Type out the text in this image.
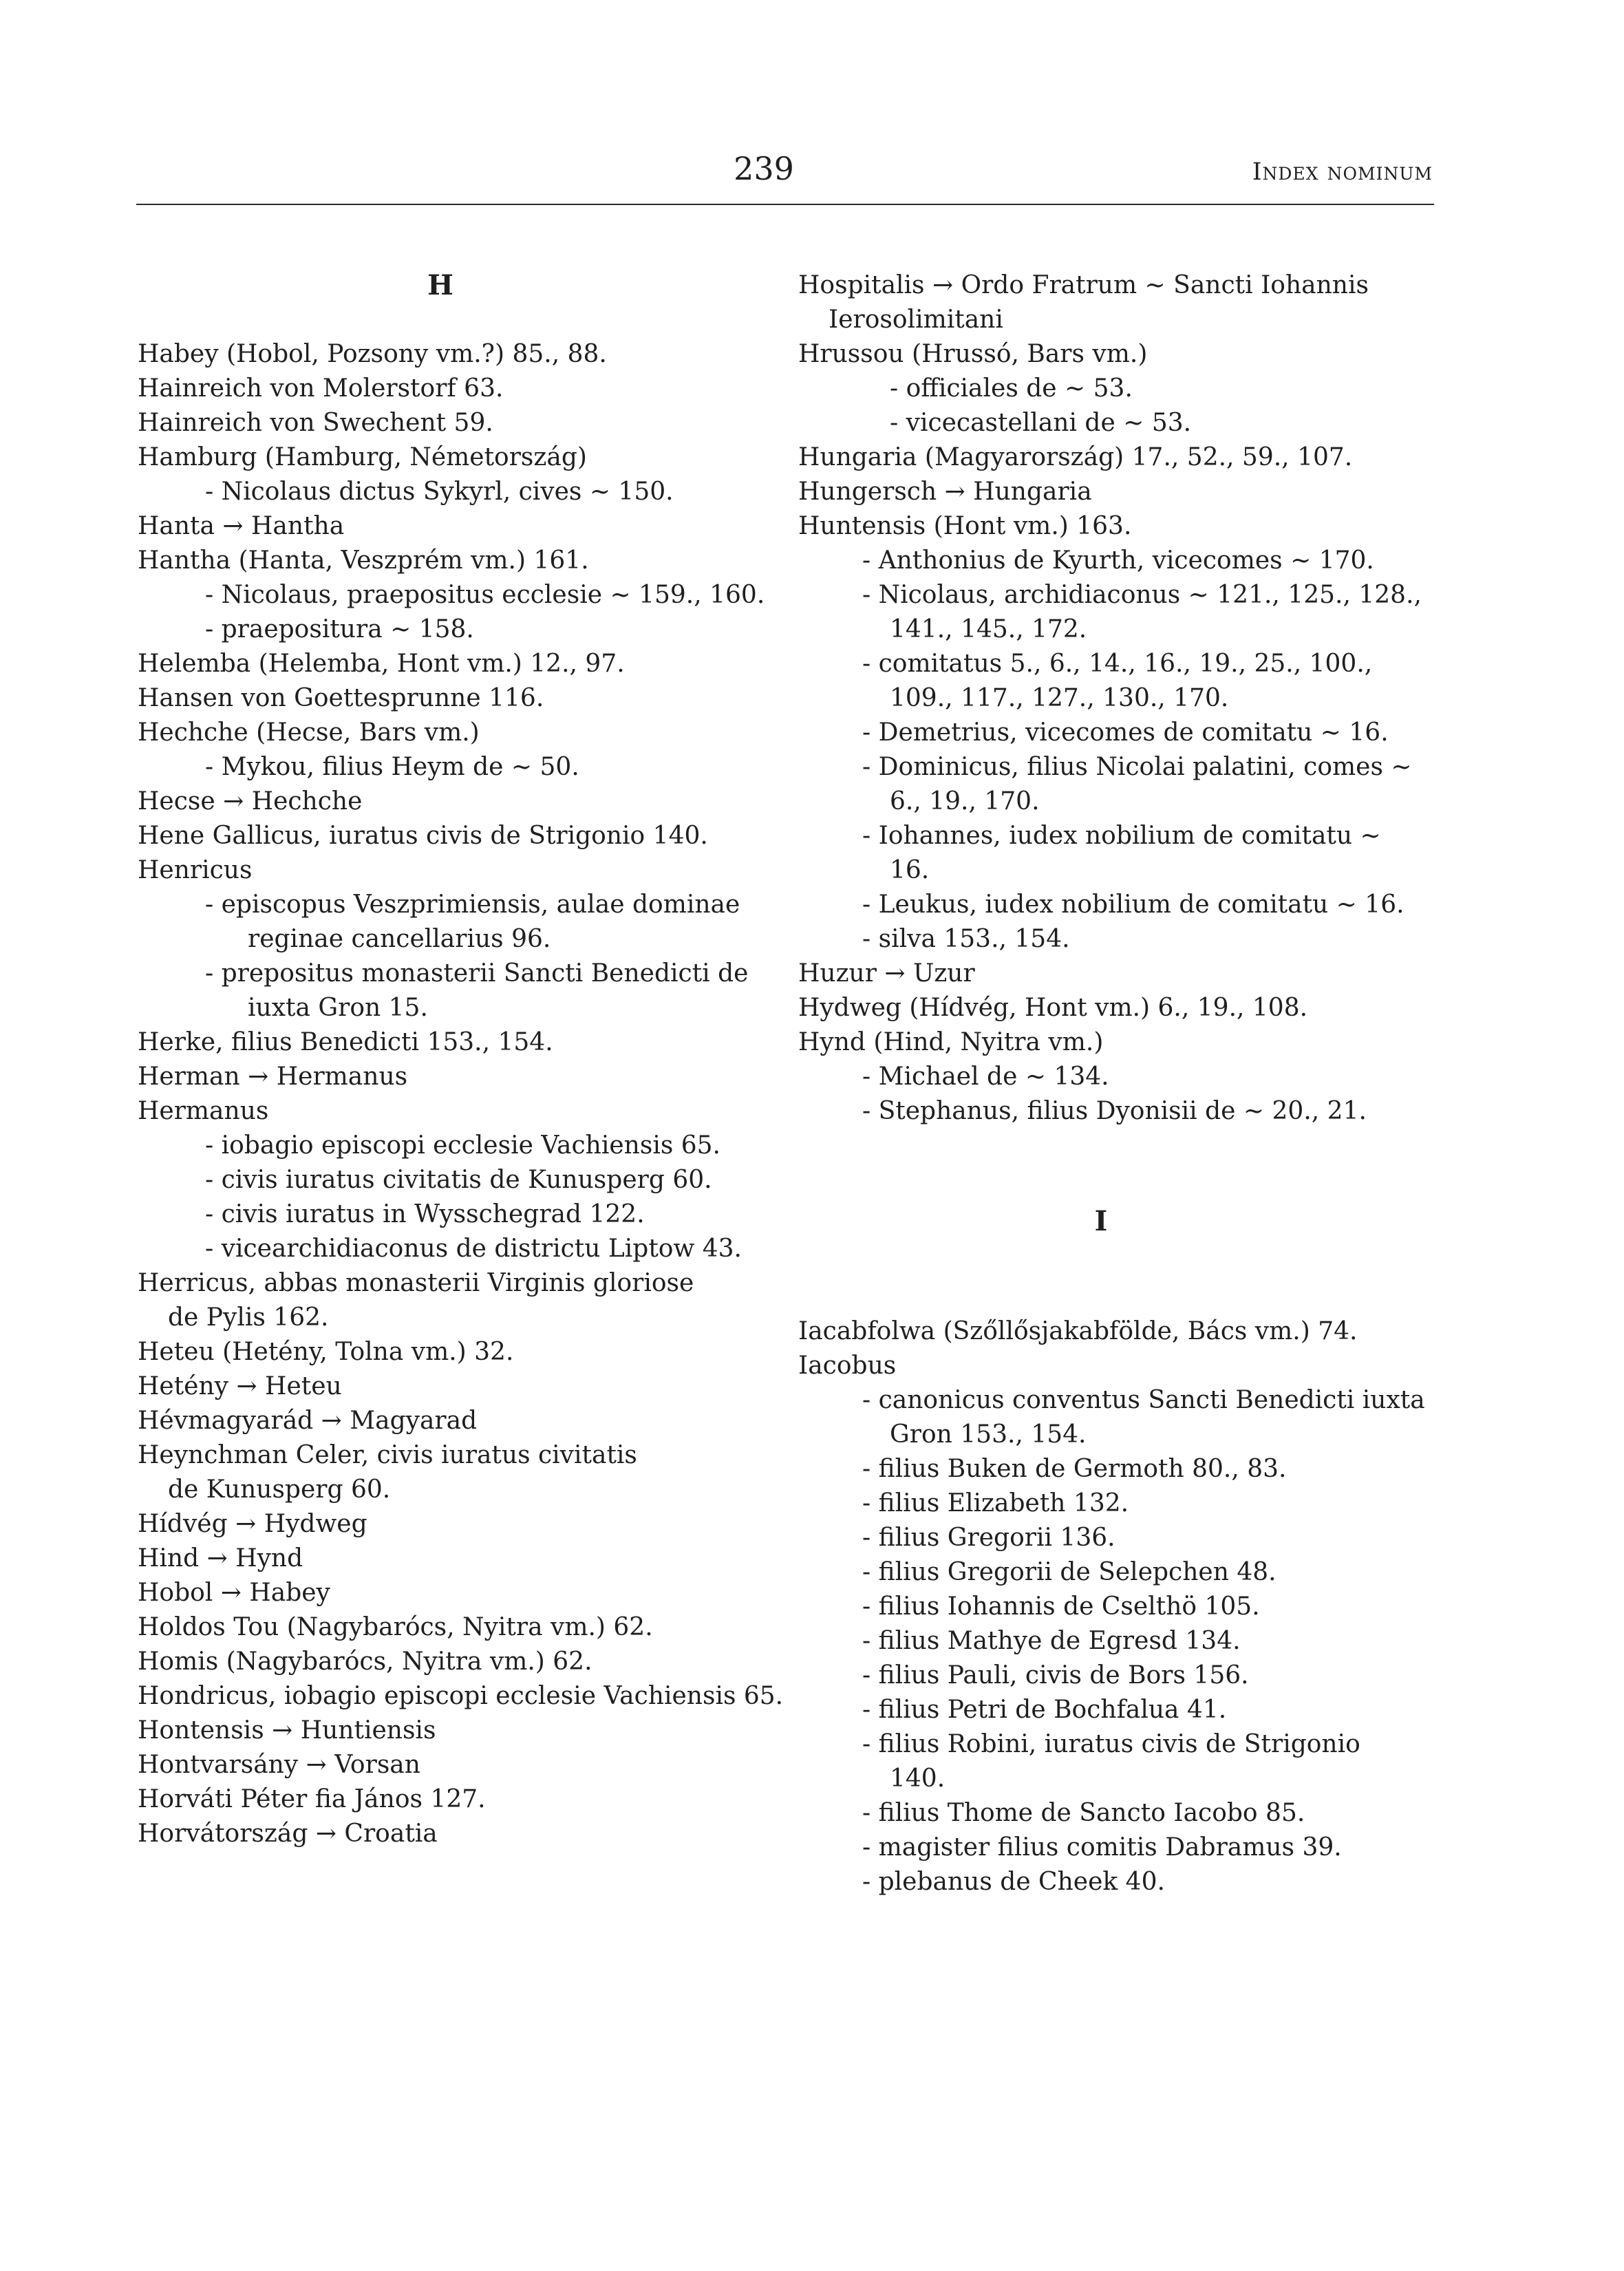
239	Index nominum
H
Habey (Hobol, Pozsony vm.?) 85., 88.
Hainreich von Molerstorf 63.
Hainreich von Swechent 59.
Hamburg (Hamburg, Németország)
- Nicolaus dictus Sykyrl, cives ~ 150.
Hanta → Hantha
Hantha (Hanta, Veszprém vm.) 161.
- Nicolaus, praepositus ecclesie ~ 159., 160.
- praepositura ~ 158.
Helemba (Helemba, Hont vm.) 12., 97.
Hansen von Goettesprunne 116.
Hechche (Hecse, Bars vm.)
- Mykou, filius Heym de ~ 50.
Hecse → Hechche
Hene Gallicus, iuratus civis de Strigonio 140.
Henricus
- episcopus Veszprimiensis, aulae dominae
reginae cancellarius 96.
- prepositus monasterii Sancti Benedicti de
iuxta Gron 15.
Herke, filius Benedicti 153., 154.
Herman → Hermanus
Hermanus
- iobagio episcopi ecclesie Vachiensis 65.
- civis iuratus civitatis de Kunusperg 60.
- civis iuratus in Wysschegrad 122.
- vicearchidiaconus de districtu Liptow 43.
Herricus, abbas monasterii Virginis gloriose
de Pylis 162.
Heteu (Hetény, Tolna vm.) 32.
Hetény → Heteu
Hévmagyarád → Magyarad
Heynchman Celer, civis iuratus civitatis
de Kunusperg 60.
Hídvég → Hydweg
Hind → Hynd
Hobol → Habey
Holdos Tou (Nagybarócs, Nyitra vm.) 62.
Homis (Nagybarócs, Nyitra vm.) 62.
Hondricus, iobagio episcopi ecclesie Vachiensis 65.
Hontensis → Huntiensis
Hontvarsány → Vorsan
Horváti Péter fia János 127.
Horvátország → Croatia
Hospitalis → Ordo Fratrum ~ Sancti Iohannis
Ierosolimitani
Hrussou (Hrussó, Bars vm.)
- officiales de ~ 53.
- vicecastellani de ~ 53.
Hungaria (Magyarország) 17., 52., 59., 107.
Hungersch → Hungaria
Huntensis (Hont vm.) 163.
- Anthonius de Kyurth, vicecomes ~ 170.
- Nicolaus, archidiaconus ~ 121., 125., 128.,
141., 145., 172.
- comitatus 5., 6., 14., 16., 19., 25., 100.,
109., 117., 127., 130., 170.
- Demetrius, vicecomes de comitatu ~ 16.
- Dominicus, filius Nicolai palatini, comes ~
6., 19., 170.
- Iohannes, iudex nobilium de comitatu ~
16.
- Leukus, iudex nobilium de comitatu ~ 16.
- silva 153., 154.
Huzur → Uzur
Hydweg (Hídvég, Hont vm.) 6., 19., 108.
Hynd (Hind, Nyitra vm.)
- Michael de ~ 134.
- Stephanus, filius Dyonisii de ~ 20., 21.
I
Iacabfolwa (Szőllősjakabfölde, Bács vm.) 74.
Iacobus
- canonicus conventus Sancti Benedicti iuxta
Gron 153., 154.
- filius Buken de Germoth 80., 83.
- filius Elizabeth 132.
- filius Gregorii 136.
- filius Gregorii de Selepchen 48.
- filius Iohannis de Cselthö 105.
- filius Mathye de Egresd 134.
- filius Pauli, civis de Bors 156.
- filius Petri de Bochfalua 41.
- filius Robini, iuratus civis de Strigonio
140.
- filius Thome de Sancto Iacobo 85.
- magister filius comitis Dabramus 39.
- plebanus de Cheek 40.
